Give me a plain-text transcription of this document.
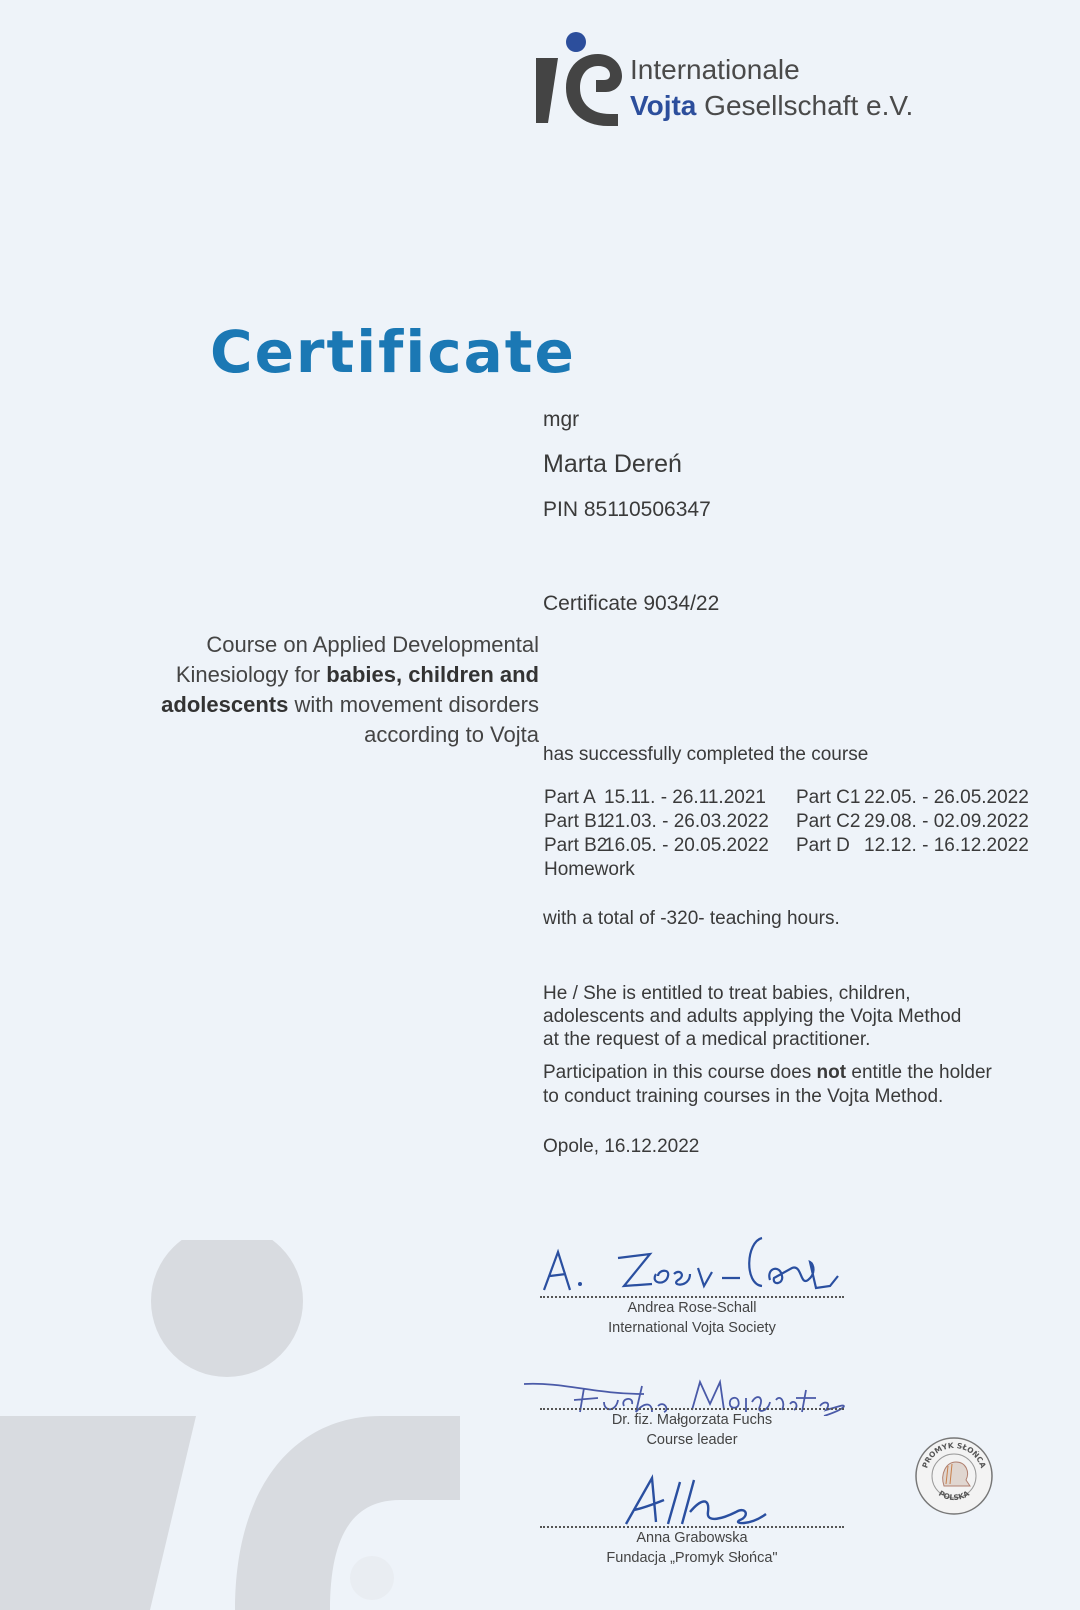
Internationale
Vojta Gesellschaft e.V.
Certificate
mgr
Marta Dereń
PIN 85110506347
Certificate 9034/22
Course on Applied Developmental
Kinesiology for babies, children and
adolescents with movement disorders
according to Vojta
has successfully completed the course
Part A 15.11. - 26.11.2021 Part C1 22.05. - 26.05.2022
Part B121.03. - 26.03.2022 Part C2 29.08. - 02.09.2022
Part B216.05. - 20.05.2022 Part D 12.12. - 16.12.2022
Homework
with a total of -320- teaching hours.
He / She is entitled to treat babies, children,
adolescents and adults applying the Vojta Method
at the request of a medical practitioner.
Participation in this course does not entitle the holder
to conduct training courses in the Vojta Method.
Opole, 16.12.2022
Andrea Rose-Schall
International Vojta Society
Dr. fiz. Małgorzata Fuchs
Course leader
Anna Grabowska
Fundacja „Promyk Słońca"
PROMYK SŁOŃCA
POLSKA
